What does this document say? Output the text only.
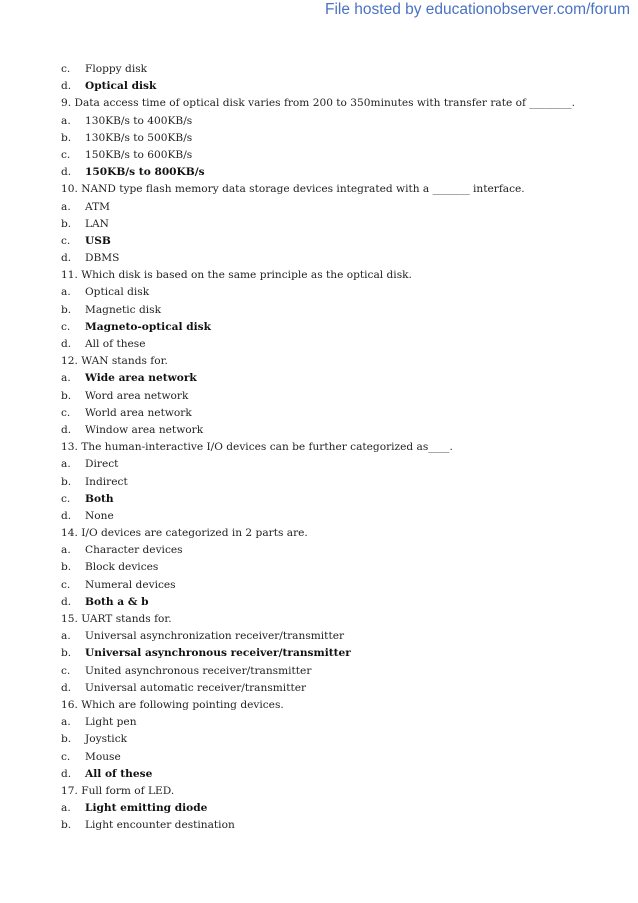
File hosted by educationobserver.com/forum
c.	Floppy disk
d.	Optical disk
9. Data access time of optical disk varies from 200 to 350minutes with transfer rate of ________.
a.	130KB/s to 400KB/s
b.	130KB/s to 500KB/s
c.	150KB/s to 600KB/s
d.	150KB/s to 800KB/s
10. NAND type flash memory data storage devices integrated with a _______ interface.
a.	ATM
b.	LAN
c.	USB
d.	DBMS
11. Which disk is based on the same principle as the optical disk.
a.	Optical disk
b.	Magnetic disk
c.	Magneto-optical disk
d.	All of these
12. WAN stands for.
a.	Wide area network
b.	Word area network
c.	World area network
d.	Window area network
13. The human-interactive I/O devices can be further categorized as____.
a.	Direct
b.	Indirect
c.	Both
d.	None
14. I/O devices are categorized in 2 parts are.
a.	Character devices
b.	Block devices
c.	Numeral devices
d.	Both a & b
15. UART stands for.
a.	Universal asynchronization receiver/transmitter
b.	Universal asynchronous receiver/transmitter
c.	United asynchronous receiver/transmitter
d.	Universal automatic receiver/transmitter
16. Which are following pointing devices.
a.	Light pen
b.	Joystick
c.	Mouse
d.	All of these
17. Full form of LED.
a.	Light emitting diode
b.	Light encounter destination
